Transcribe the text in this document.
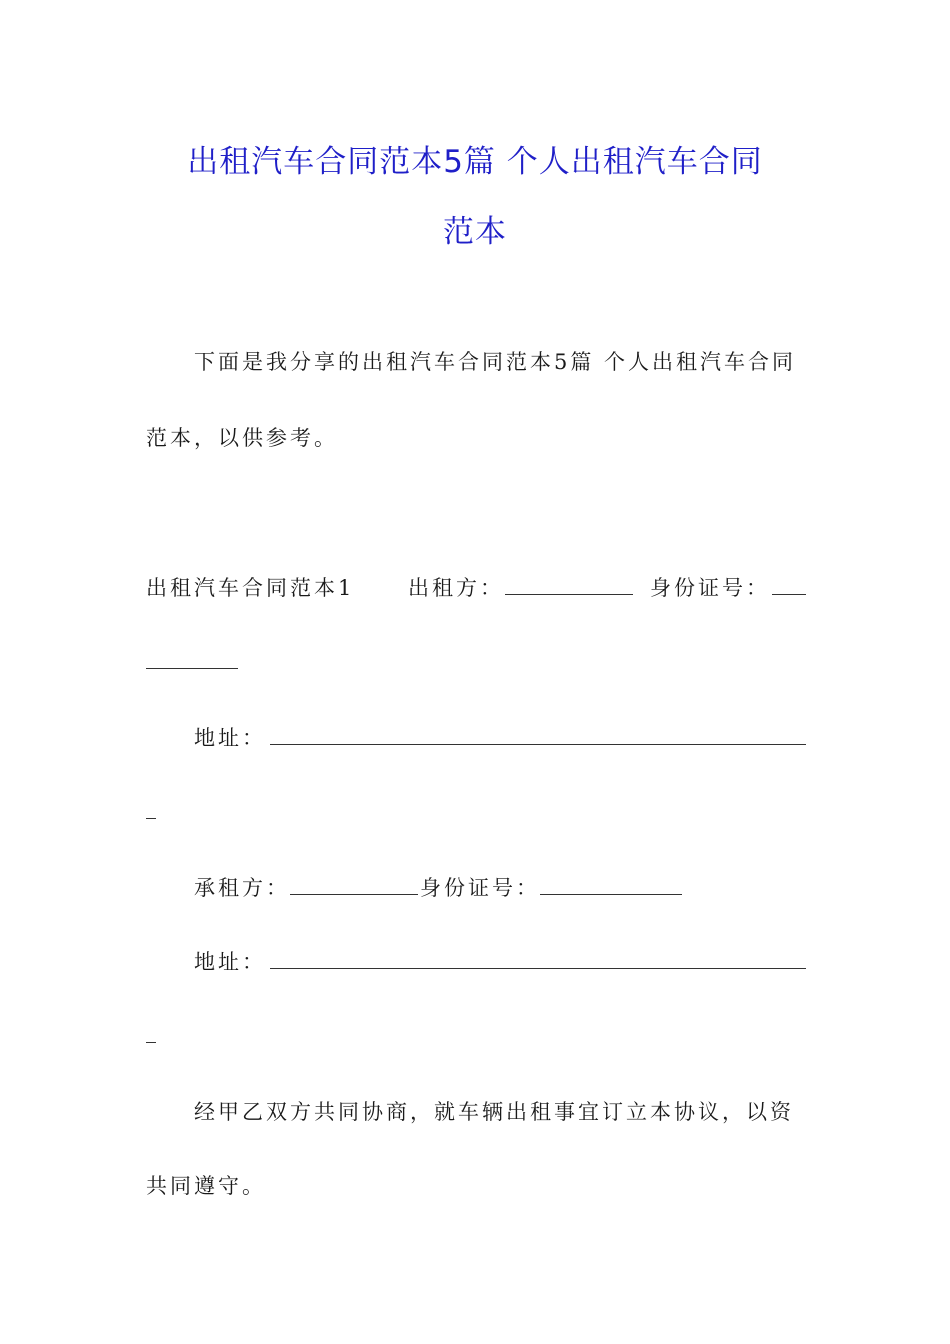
出租汽车合同范本5篇 个人出租汽车合同
范本
下面是我分享的出租汽车合同范本5篇 个人出租汽车合同
范本，以供参考。
出租汽车合同范本1	出租方：	身份证号：
地址：
承租方：	身份证号：
地址：
经甲乙双方共同协商，就车辆出租事宜订立本协议，以资
共同遵守。
